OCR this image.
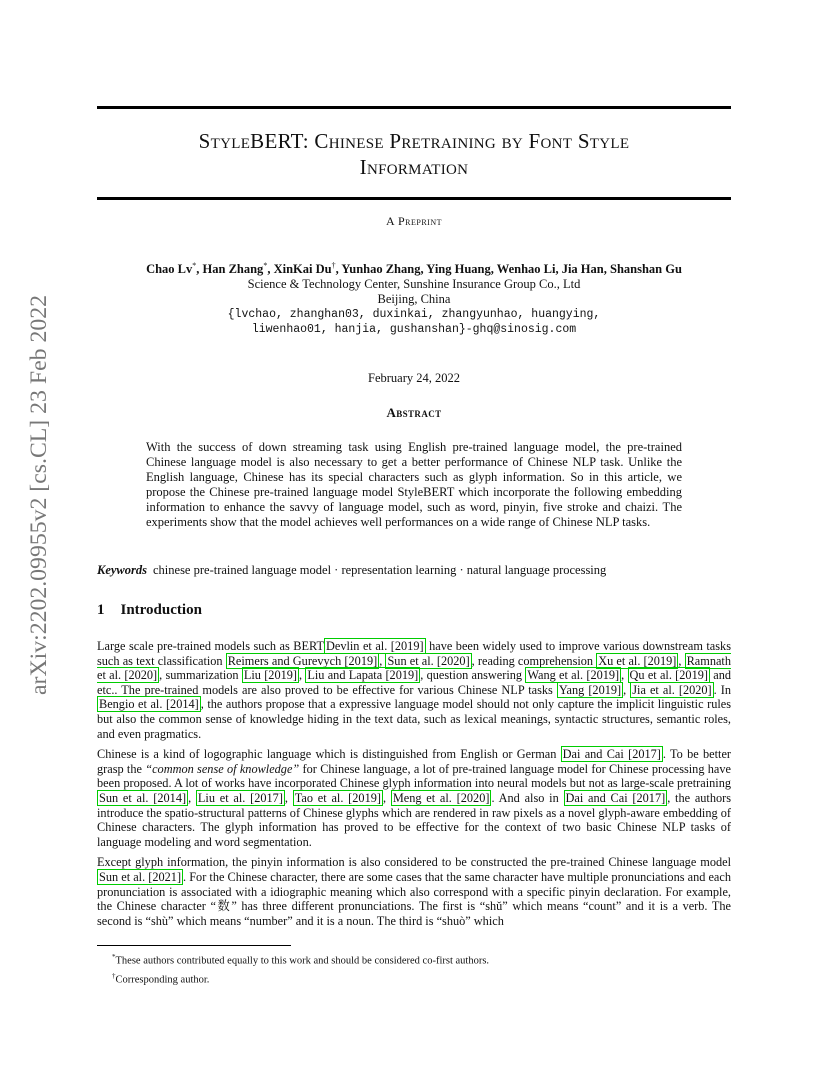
arXiv:2202.09955v2 [cs.CL] 23 Feb 2022
StyleBERT: Chinese Pretraining by Font Style
Information
A Preprint
Chao Lv*, Han Zhang*, XinKai Du†, Yunhao Zhang, Ying Huang, Wenhao Li, Jia Han, Shanshan Gu
Science & Technology Center, Sunshine Insurance Group Co., Ltd
Beijing, China
{lvchao, zhanghan03, duxinkai, zhangyunhao, huangying,
liwenhao01, hanjia, gushanshan}-ghq@sinosig.com
February 24, 2022
Abstract
With the success of down streaming task using English pre-trained language model, the pre-trained Chinese language model is also necessary to get a better performance of Chinese NLP task. Unlike the English language, Chinese has its special characters such as glyph information. So in this article, we propose the Chinese pre-trained language model StyleBERT which incorporate the following embedding information to enhance the savvy of language model, such as word, pinyin, five stroke and chaizi. The experiments show that the model achieves well performances on a wide range of Chinese NLP tasks.
Keywords chinese pre-trained language model · representation learning · natural language processing
1 Introduction

Large scale pre-trained models such as BERT Devlin et al. [2019] have been widely used to improve various downstream tasks such as text classification Reimers and Gurevych [2019] , Sun et al. [2020] , reading comprehension Xu et al. [2019] , Ramnath et al. [2020] , summarization Liu [2019] , Liu and Lapata [2019] , question answering Wang et al. [2019] , Qu et al. [2019] and etc.. The pre-trained models are also proved to be effective for various Chinese NLP tasks Yang [2019] , Jia et al. [2020] . In Bengio et al. [2014] , the authors propose that a expressive language model should not only capture the implicit linguistic rules but also the common sense of knowledge hiding in the text data, such as lexical meanings, syntactic structures, semantic roles, and even pragmatics.

Chinese is a kind of logographic language which is distinguished from English or German Dai and Cai [2017] . To be better grasp the “common sense of knowledge” for Chinese language, a lot of pre-trained language model for Chinese processing have been proposed. A lot of works have incorporated Chinese glyph information into neural models but not as large-scale pretraining Sun et al. [2014] , Liu et al. [2017] , Tao et al. [2019] , Meng et al. [2020] . And also in Dai and Cai [2017] , the authors introduce the spatio-structural patterns of Chinese glyphs which are rendered in raw pixels as a novel glyph-aware embedding of Chinese characters. The glyph information has proved to be effective for the context of two basic Chinese NLP tasks of language modeling and word segmentation.

Except glyph information, the pinyin information is also considered to be constructed the pre-trained Chinese language model Sun et al. [2021] . For the Chinese character, there are some cases that the same character have multiple pronunciations and each pronunciation is associated with a idiographic meaning which also correspond with a specific pinyin declaration. For example, the Chinese character “数” has three different pronunciations. The first is “shǔ” which means “count” and it is a verb. The second is “shù” which means “number” and it is a noun. The third is “shuò” which

*These authors contributed equally to this work and should be considered co-first authors.
†Corresponding author.
